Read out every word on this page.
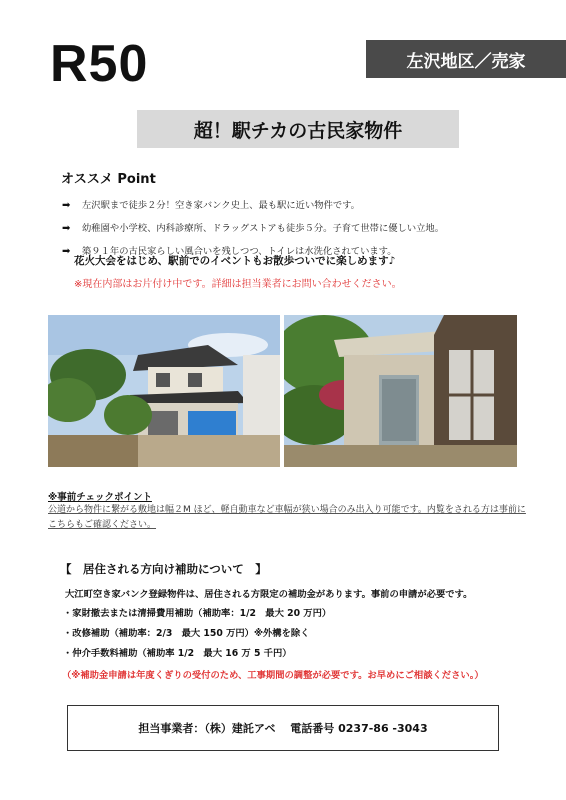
R50	左沢地区／売家
超！駅チカの古民家物件
オススメ Point
➡	左沢駅まで徒歩２分！空き家バンク史上、最も駅に近い物件です。
➡	幼稚園や小学校、内科診療所、ドラッグストアも徒歩５分。子育て世帯に優しい立地。
➡	築９１年の古民家らしい風合いを残しつつ、トイレは水洗化されています。
花火大会をはじめ、駅前でのイベントもお散歩ついでに楽しめます♪
※現在内部はお片付け中です。詳細は担当業者にお問い合わせください。
※事前チェックポイント
公道から物件に繋がる敷地は幅２M ほど、軽自動車など車幅が狭い場合のみ出入り可能です。内覧をされる方は事前にこちらもご確認ください。
【　居住される方向け補助について　】
大江町空き家バンク登録物件は、居住される方限定の補助金があります。事前の申請が必要です。
・家財撤去または清掃費用補助（補助率：1/2　最大 20 万円）
・改修補助（補助率：2/3　最大 150 万円）※外構を除く
・仲介手数料補助（補助率 1/2　最大 16 万 5 千円）
（※補助金申請は年度くぎりの受付のため、工事期間の調整が必要です。お早めにご相談ください。）
担当事業者：（株）建託アベ　 電話番号 0237-86 -3043
